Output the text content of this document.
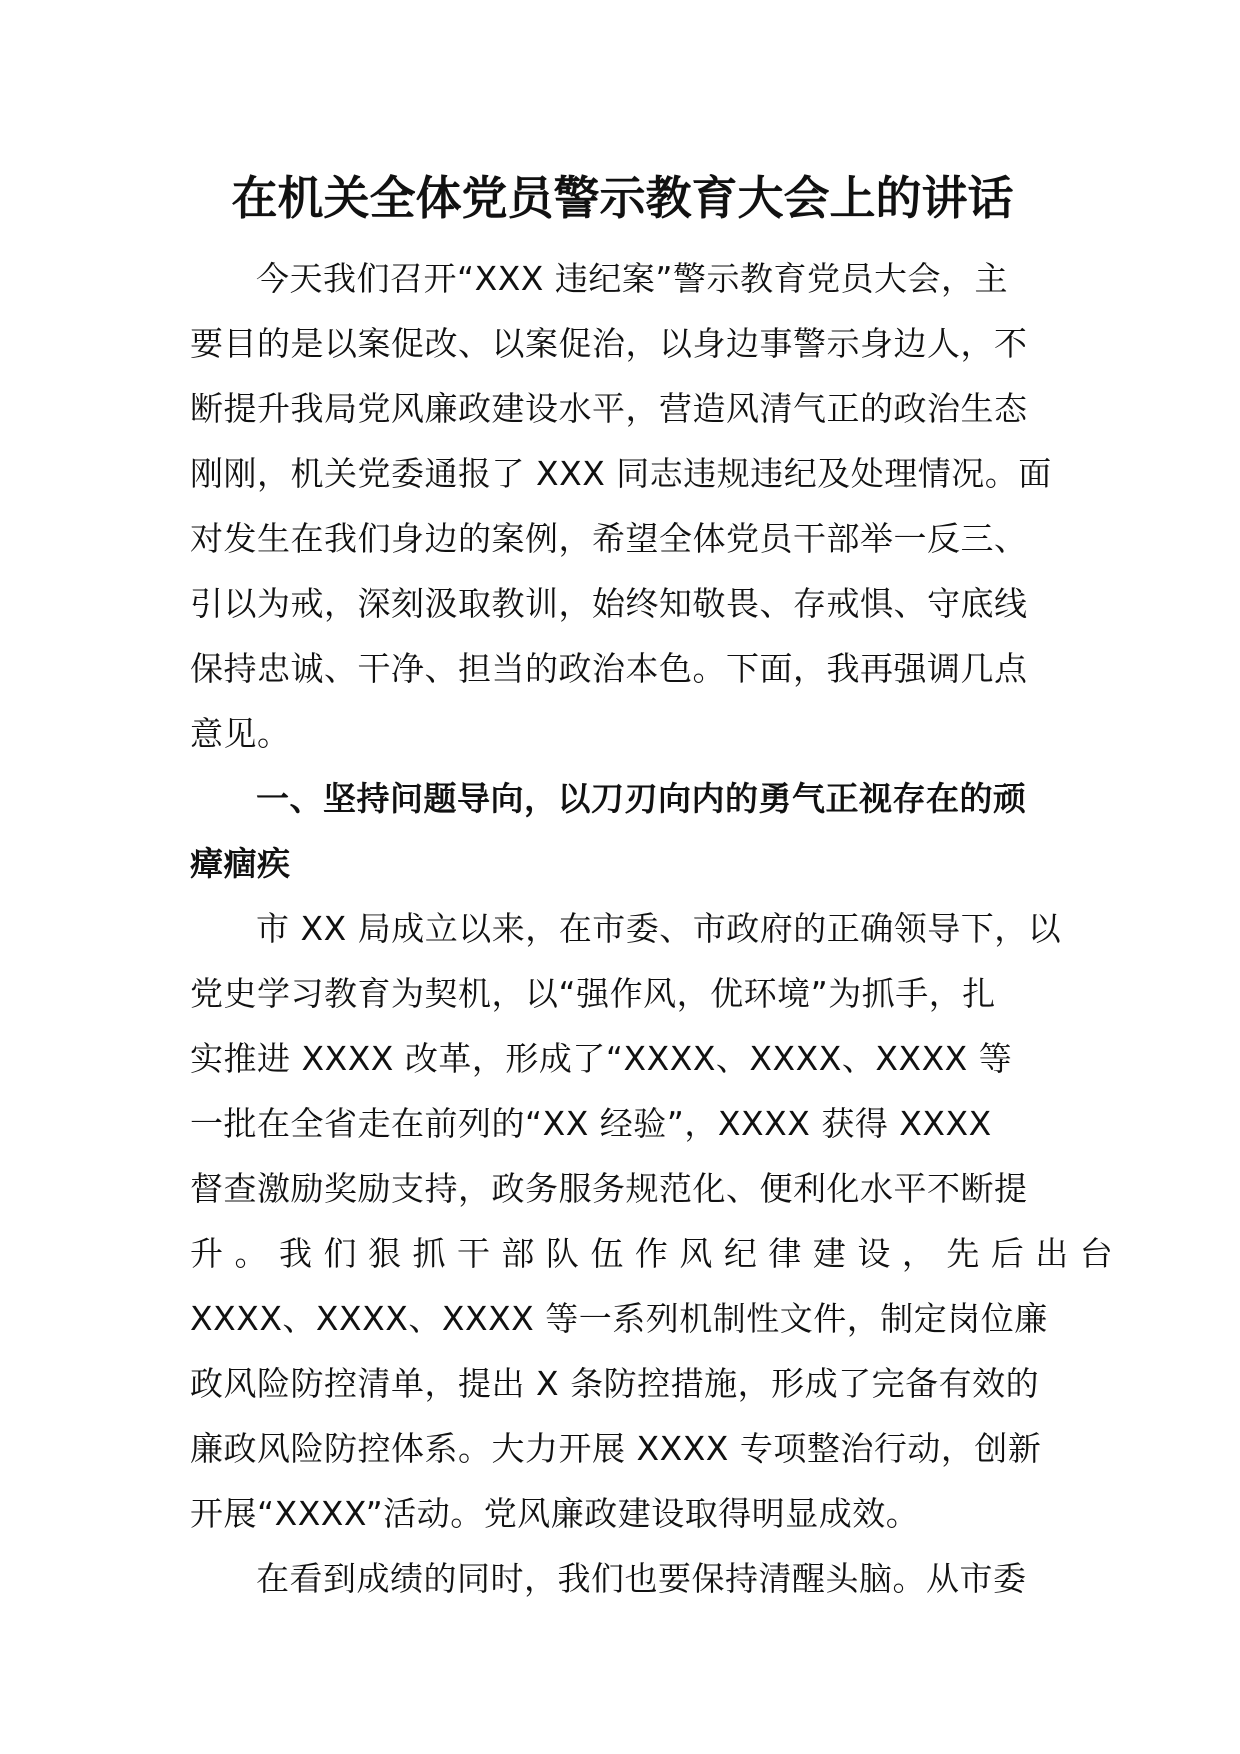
在机关全体党员警示教育大会上的讲话
今天我们召开“XXX 违纪案”警示教育党员大会，主
要目的是以案促改、以案促治，以身边事警示身边人，不
断提升我局党风廉政建设水平，营造风清气正的政治生态
刚刚，机关党委通报了 XXX 同志违规违纪及处理情况。面
对发生在我们身边的案例，希望全体党员干部举一反三、
引以为戒，深刻汲取教训，始终知敬畏、存戒惧、守底线
保持忠诚、干净、担当的政治本色。下面，我再强调几点
意见。
一、坚持问题导向，以刀刃向内的勇气正视存在的顽
瘴痼疾
市 XX 局成立以来，在市委、市政府的正确领导下，以
党史学习教育为契机，以“强作风，优环境”为抓手，扎
实推进 XXXX 改革，形成了“XXXX、XXXX、XXXX 等
一批在全省走在前列的“XX 经验”，XXXX 获得 XXXX
督查激励奖励支持，政务服务规范化、便利化水平不断提
升 。 我 们 狠 抓 干 部 队 伍 作 风 纪 律 建 设 ， 先 后 出 台
XXXX、XXXX、XXXX 等一系列机制性文件，制定岗位廉
政风险防控清单，提出 X 条防控措施，形成了完备有效的
廉政风险防控体系。大力开展 XXXX 专项整治行动，创新
开展“XXXX”活动。党风廉政建设取得明显成效。
在看到成绩的同时，我们也要保持清醒头脑。从市委
